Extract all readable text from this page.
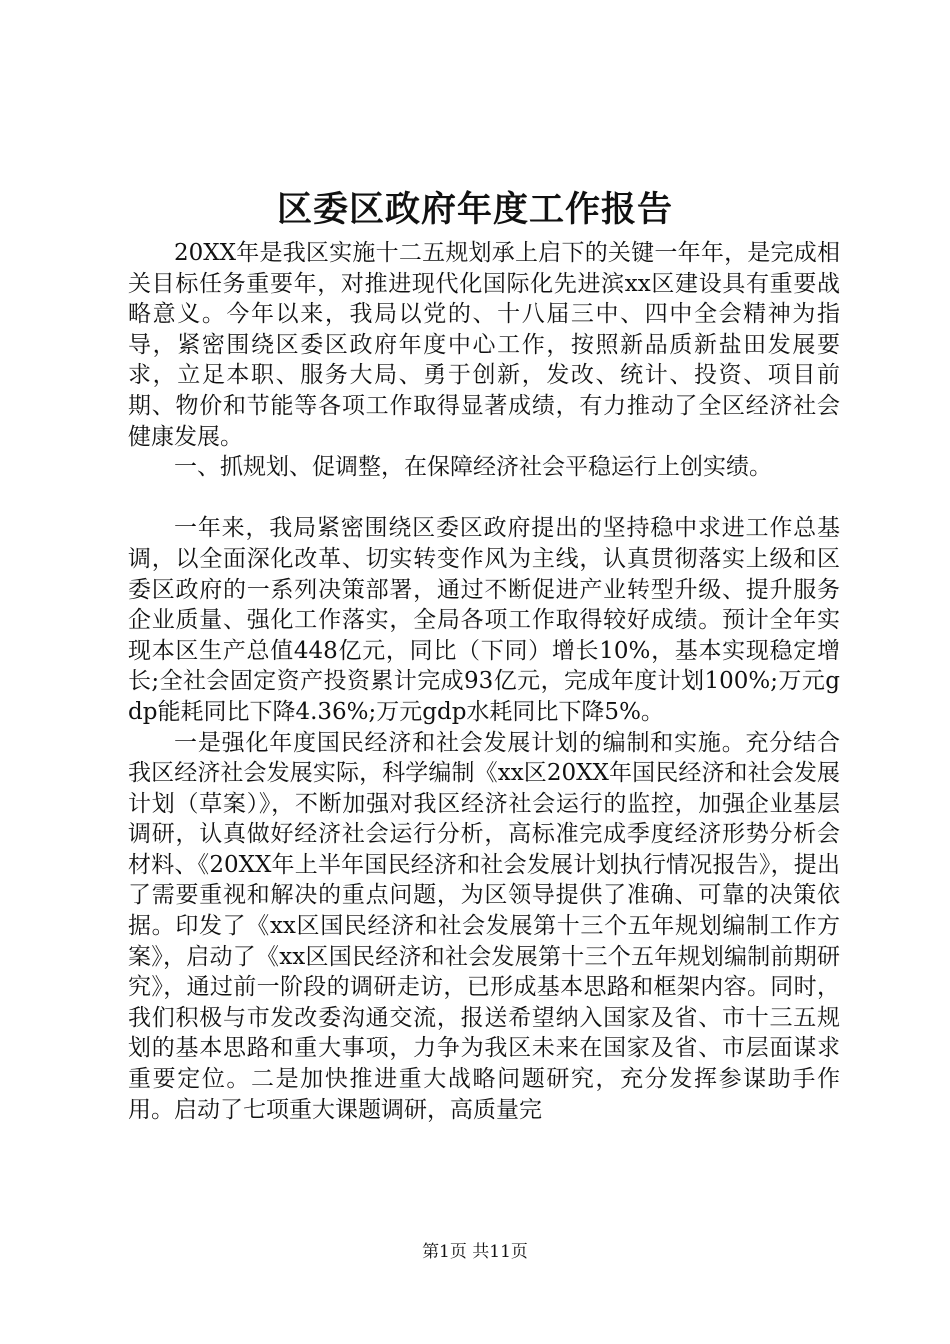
区委区政府年度工作报告

20XX年是我区实施十二五规划承上启下的关键一年年，是完成相关目标任务重要年，对推进现代化国际化先进滨xx区建设具有重要战略意义。今年以来，我局以党的、十八届三中、四中全会精神为指导，紧密围绕区委区政府年度中心工作，按照新品质新盐田发展要求，立足本职、服务大局、勇于创新，发改、统计、投资、项目前期、物价和节能等各项工作取得显著成绩，有力推动了全区经济社会健康发展。

一、抓规划、促调整，在保障经济社会平稳运行上创实绩。

一年来，我局紧密围绕区委区政府提出的坚持稳中求进工作总基调，以全面深化改革、切实转变作风为主线，认真贯彻落实上级和区委区政府的一系列决策部署，通过不断促进产业转型升级、提升服务企业质量、强化工作落实，全局各项工作取得较好成绩。预计全年实现本区生产总值448亿元，同比（下同）增长10%，基本实现稳定增长;全社会固定资产投资累计完成93亿元，完成年度计划100%;万元gdp能耗同比下降4.36%;万元gdp水耗同比下降5%。

一是强化年度国民经济和社会发展计划的编制和实施。充分结合我区经济社会发展实际，科学编制《xx区20XX年国民经济和社会发展计划（草案）》，不断加强对我区经济社会运行的监控，加强企业基层调研，认真做好经济社会运行分析，高标准完成季度经济形势分析会材料、《20XX年上半年国民经济和社会发展计划执行情况报告》，提出了需要重视和解决的重点问题，为区领导提供了准确、可靠的决策依据。印发了《xx区国民经济和社会发展第十三个五年规划编制工作方案》，启动了《xx区国民经济和社会发展第十三个五年规划编制前期研究》，通过前一阶段的调研走访，已形成基本思路和框架内容。同时，我们积极与市发改委沟通交流，报送希望纳入国家及省、市十三五规划的基本思路和重大事项，力争为我区未来在国家及省、市层面谋求重要定位。二是加快推进重大战略问题研究，充分发挥参谋助手作用。启动了七项重大课题调研，高质量完

第1页 共11页
